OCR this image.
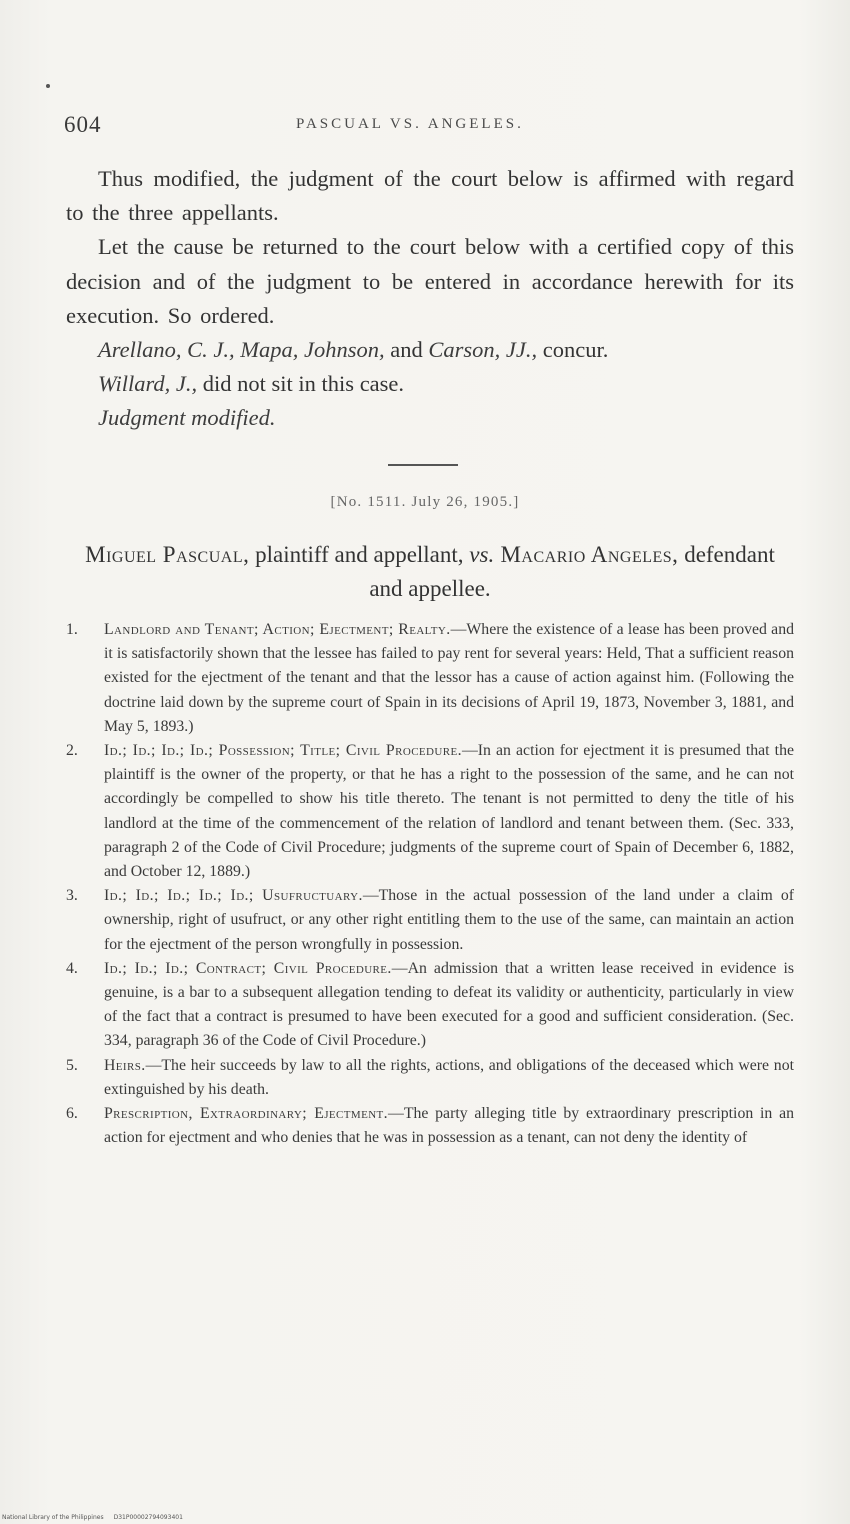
604	PASCUAL VS. ANGELES.

Thus modified, the judgment of the court below is affirmed with regard to the three appellants.

Let the cause be returned to the court below with a certified copy of this decision and of the judgment to be entered in accordance herewith for its execution. So ordered.

Arellano, C. J., Mapa, Johnson, and Carson, JJ., concur.

Willard, J., did not sit in this case.

Judgment modified.

[No. 1511. July 26, 1905.]
Miguel Pascual, plaintiff and appellant, vs. Macario Angeles, defendant and appellee.
1.	Landlord and Tenant; Action; Ejectment; Realty.—Where the existence of a lease has been proved and it is satisfactorily shown that the lessee has failed to pay rent for several years: Held, That a sufficient reason existed for the ejectment of the tenant and that the lessor has a cause of action against him. (Following the doctrine laid down by the supreme court of Spain in its decisions of April 19, 1873, November 3, 1881, and May 5, 1893.)
2.	Id.; Id.; Id.; Id.; Possession; Title; Civil Procedure.—In an action for ejectment it is presumed that the plaintiff is the owner of the property, or that he has a right to the possession of the same, and he can not accordingly be compelled to show his title thereto. The tenant is not permitted to deny the title of his landlord at the time of the commencement of the relation of landlord and tenant between them. (Sec. 333, paragraph 2 of the Code of Civil Procedure; judgments of the supreme court of Spain of December 6, 1882, and October 12, 1889.)
3.	Id.; Id.; Id.; Id.; Id.; Usufructuary.—Those in the actual possession of the land under a claim of ownership, right of usufruct, or any other right entitling them to the use of the same, can maintain an action for the ejectment of the person wrongfully in possession.
4.	Id.; Id.; Id.; Contract; Civil Procedure.—An admission that a written lease received in evidence is genuine, is a bar to a subsequent allegation tending to defeat its validity or authenticity, particularly in view of the fact that a contract is presumed to have been executed for a good and sufficient consideration. (Sec. 334, paragraph 36 of the Code of Civil Procedure.)
5.	Heirs.—The heir succeeds by law to all the rights, actions, and obligations of the deceased which were not extinguished by his death.
6.	Prescription, Extraordinary; Ejectment.—The party alleging title by extraordinary prescription in an action for ejectment and who denies that he was in possession as a tenant, can not deny the identity of
National Library of the Philippines D31P00002794093401
